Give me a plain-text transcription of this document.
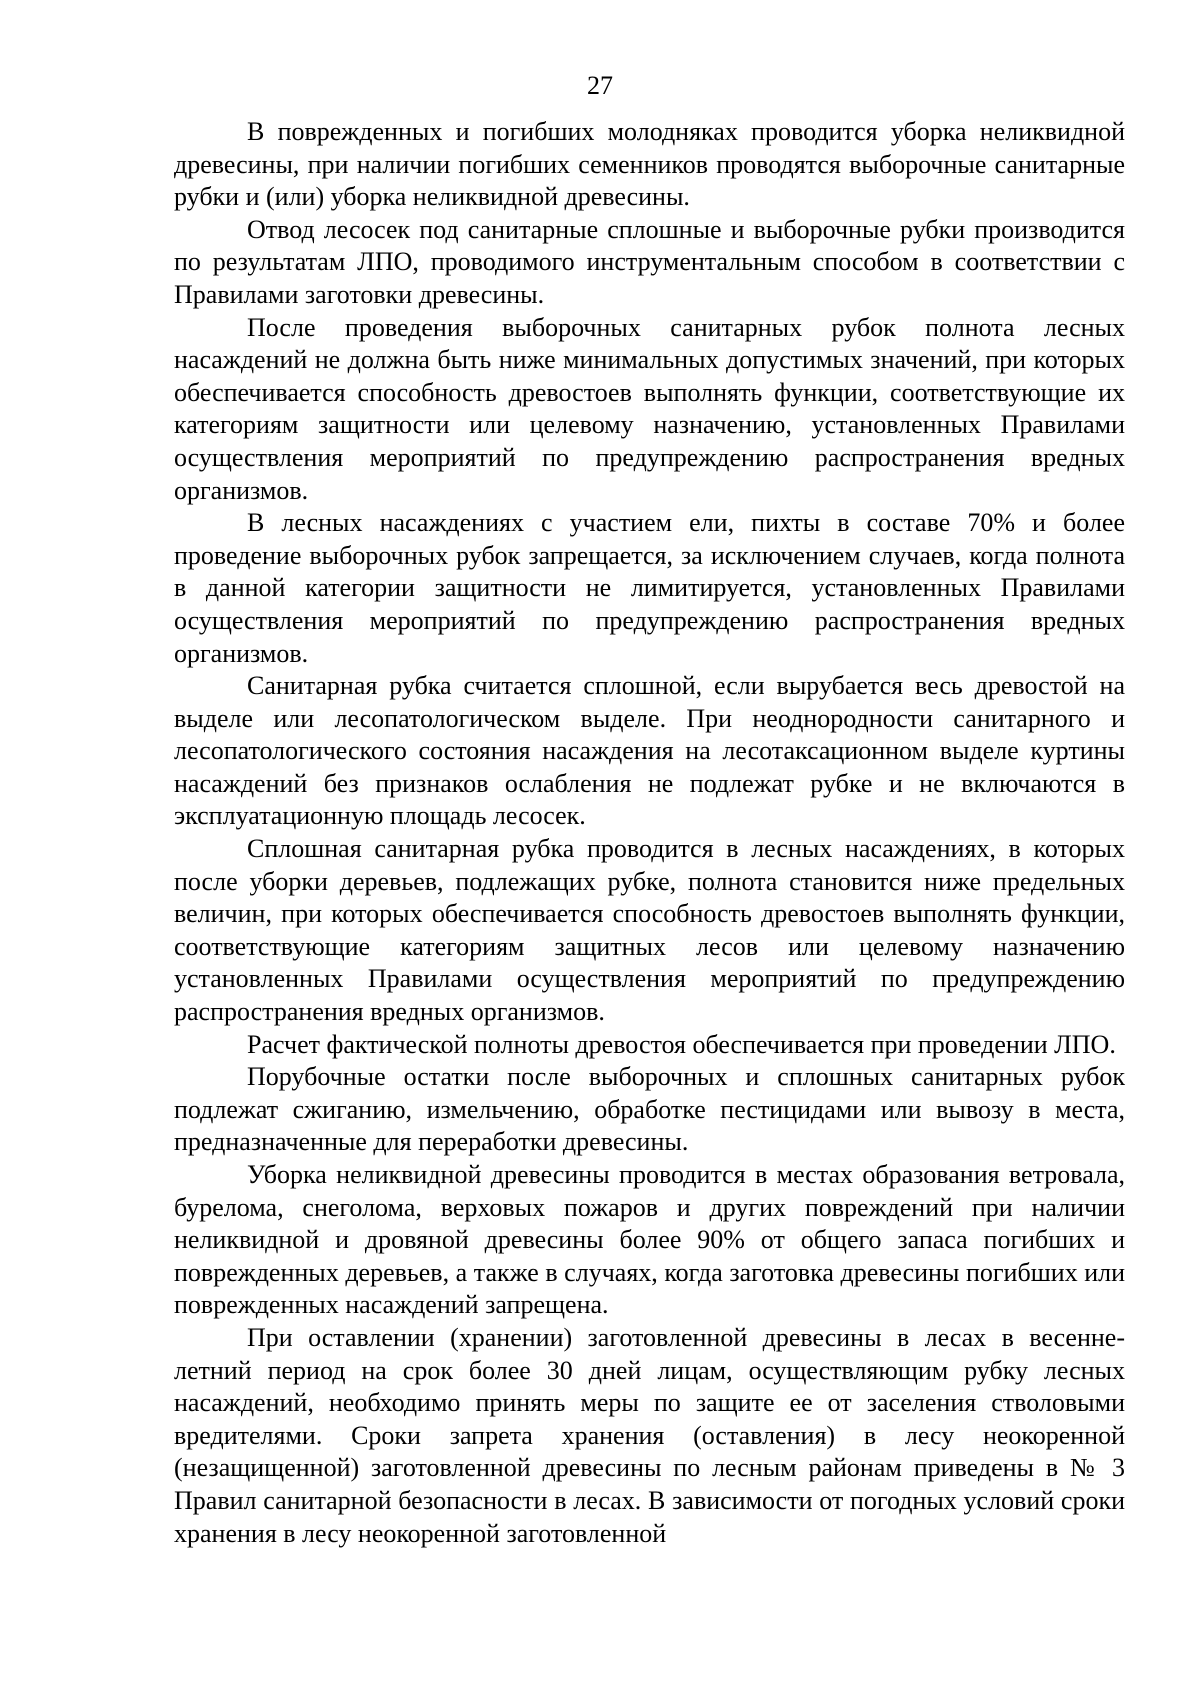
27

В поврежденных и погибших молодняках проводится уборка неликвидной древесины, при наличии погибших семенников проводятся выборочные санитарные рубки и (или) уборка неликвидной древесины.

Отвод лесосек под санитарные сплошные и выборочные рубки производится по результатам ЛПО, проводимого инструментальным способом в соответствии с Правилами заготовки древесины.

После проведения выборочных санитарных рубок полнота лесных насаждений не должна быть ниже минимальных допустимых значений, при которых обеспечивается способность древостоев выполнять функции, соответствующие их категориям защитности или целевому назначению, установленных Правилами осуществления мероприятий по предупреждению распространения вредных организмов.

В лесных насаждениях с участием ели, пихты в составе 70% и более проведение выборочных рубок запрещается, за исключением случаев, когда полнота в данной категории защитности не лимитируется, установленных Правилами осуществления мероприятий по предупреждению распространения вредных организмов.

Санитарная рубка считается сплошной, если вырубается весь древостой на выделе или лесопатологическом выделе. При неоднородности санитарного и лесопатологического состояния насаждения на лесотаксационном выделе куртины насаждений без признаков ослабления не подлежат рубке и не включаются в эксплуатационную площадь лесосек.

Сплошная санитарная рубка проводится в лесных насаждениях, в которых после уборки деревьев, подлежащих рубке, полнота становится ниже предельных величин, при которых обеспечивается способность древостоев выполнять функции, соответствующие категориям защитных лесов или целевому назначению установленных Правилами осуществления мероприятий по предупреждению распространения вредных организмов.

Расчет фактической полноты древостоя обеспечивается при проведении ЛПО.

Порубочные остатки после выборочных и сплошных санитарных рубок подлежат сжиганию, измельчению, обработке пестицидами или вывозу в места, предназначенные для переработки древесины.

Уборка неликвидной древесины проводится в местах образования ветровала, бурелома, снеголома, верховых пожаров и других повреждений при наличии неликвидной и дровяной древесины более 90% от общего запаса погибших и поврежденных деревьев, а также в случаях, когда заготовка древесины погибших или поврежденных насаждений запрещена.

При оставлении (хранении) заготовленной древесины в лесах в весенне-летний период на срок более 30 дней лицам, осуществляющим рубку лесных насаждений, необходимо принять меры по защите ее от заселения стволовыми вредителями. Сроки запрета хранения (оставления) в лесу неокоренной (незащищенной) заготовленной древесины по лесным районам приведены в № 3 Правил санитарной безопасности в лесах. В зависимости от погодных условий сроки хранения в лесу неокоренной заготовленной
